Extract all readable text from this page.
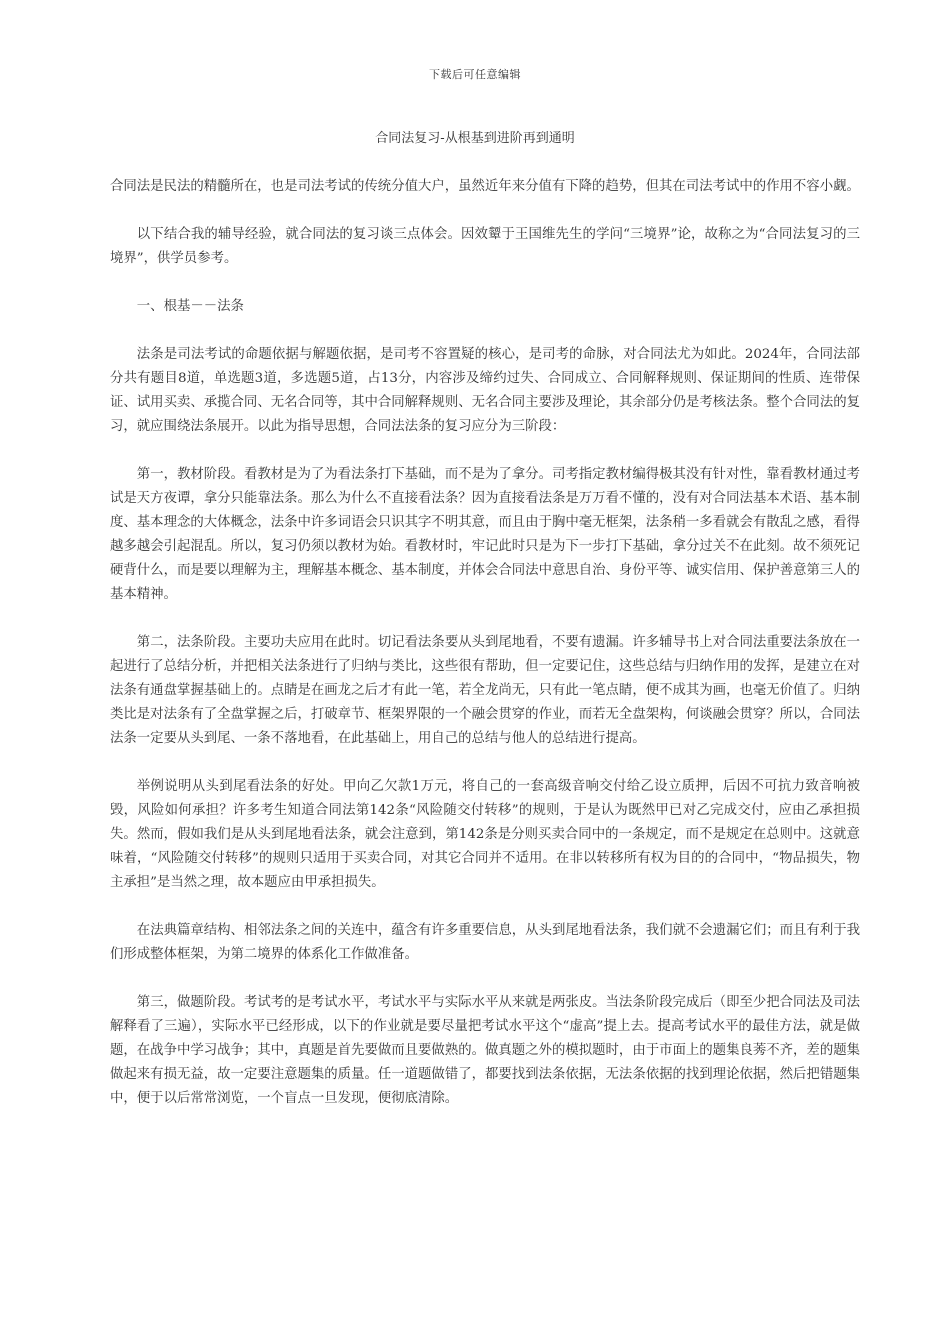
下载后可任意编辑
合同法复习-从根基到进阶再到通明

合同法是民法的精髓所在，也是司法考试的传统分值大户，虽然近年来分值有下降的趋势，但其在司法考试中的作用不容小觑。

以下结合我的辅导经验，就合同法的复习谈三点体会。因效颦于王国维先生的学问“三境界”论，故称之为“合同法复习的三境界”，供学员参考。

一、根基－－法条

法条是司法考试的命题依据与解题依据，是司考不容置疑的核心，是司考的命脉，对合同法尤为如此。2024年，合同法部分共有题目8道，单选题3道，多选题5道，占13分，内容涉及缔约过失、合同成立、合同解释规则、保证期间的性质、连带保证、试用买卖、承揽合同、无名合同等，其中合同解释规则、无名合同主要涉及理论，其余部分仍是考核法条。整个合同法的复习，就应围绕法条展开。以此为指导思想，合同法法条的复习应分为三阶段：

第一，教材阶段。看教材是为了为看法条打下基础，而不是为了拿分。司考指定教材编得极其没有针对性，靠看教材通过考试是天方夜谭，拿分只能靠法条。那么为什么不直接看法条？因为直接看法条是万万看不懂的，没有对合同法基本术语、基本制度、基本理念的大体概念，法条中许多词语会只识其字不明其意，而且由于胸中毫无框架，法条稍一多看就会有散乱之感，看得越多越会引起混乱。所以，复习仍须以教材为始。看教材时，牢记此时只是为下一步打下基础，拿分过关不在此刻。故不须死记硬背什么，而是要以理解为主，理解基本概念、基本制度，并体会合同法中意思自治、身份平等、诚实信用、保护善意第三人的基本精神。

第二，法条阶段。主要功夫应用在此时。切记看法条要从头到尾地看，不要有遗漏。许多辅导书上对合同法重要法条放在一起进行了总结分析，并把相关法条进行了归纳与类比，这些很有帮助，但一定要记住，这些总结与归纳作用的发挥，是建立在对法条有通盘掌握基础上的。点睛是在画龙之后才有此一笔，若全龙尚无，只有此一笔点睛，便不成其为画，也毫无价值了。归纳类比是对法条有了全盘掌握之后，打破章节、框架界限的一个融会贯穿的作业，而若无全盘架构，何谈融会贯穿？所以，合同法法条一定要从头到尾、一条不落地看，在此基础上，用自己的总结与他人的总结进行提高。

举例说明从头到尾看法条的好处。甲向乙欠款1万元，将自己的一套高级音响交付给乙设立质押，后因不可抗力致音响被毁，风险如何承担？许多考生知道合同法第142条“风险随交付转移”的规则，于是认为既然甲已对乙完成交付，应由乙承担损失。然而，假如我们是从头到尾地看法条，就会注意到，第142条是分则买卖合同中的一条规定，而不是规定在总则中。这就意味着，“风险随交付转移”的规则只适用于买卖合同，对其它合同并不适用。在非以转移所有权为目的的合同中，“物品损失，物主承担”是当然之理，故本题应由甲承担损失。

在法典篇章结构、相邻法条之间的关连中，蕴含有许多重要信息，从头到尾地看法条，我们就不会遗漏它们；而且有利于我们形成整体框架，为第二境界的体系化工作做准备。

第三，做题阶段。考试考的是考试水平，考试水平与实际水平从来就是两张皮。当法条阶段完成后（即至少把合同法及司法解释看了三遍），实际水平已经形成，以下的作业就是要尽量把考试水平这个“虚高”提上去。提高考试水平的最佳方法，就是做题，在战争中学习战争；其中，真题是首先要做而且要做熟的。做真题之外的模拟题时，由于市面上的题集良莠不齐，差的题集做起来有损无益，故一定要注意题集的质量。任一道题做错了，都要找到法条依据，无法条依据的找到理论依据，然后把错题集中，便于以后常常浏览，一个盲点一旦发现，便彻底清除。
